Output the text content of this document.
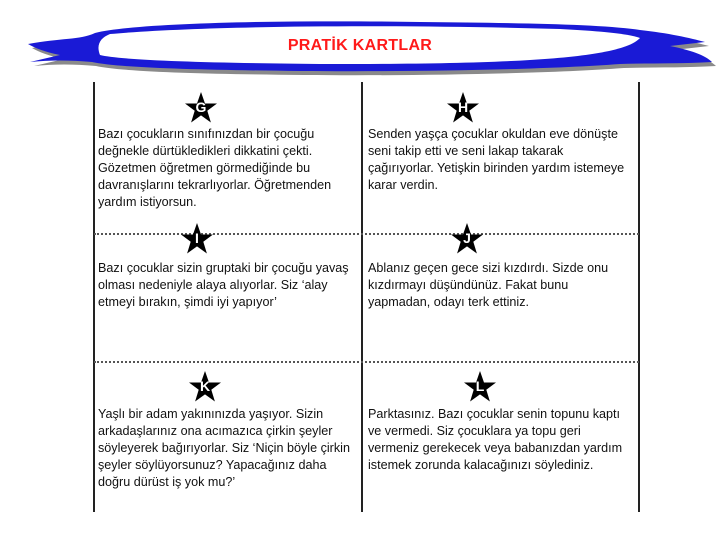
PRATİK KARTLAR
G
Bazı çocukların sınıfınızdan bir çocuğu değnekle dürtükledikleri dikkatini çekti. Gözetmen öğretmen görmediğinde bu davranışlarını tekrarlıyorlar. Öğretmenden yardım istiyorsun.
H
Senden yaşça çocuklar okuldan eve dönüşte seni takip etti ve seni lakap takarak çağırıyorlar. Yetişkin birinden yardım istemeye karar verdin.
I
Bazı çocuklar sizin gruptaki bir çocuğu yavaş olması nedeniyle alaya alıyorlar. Siz ‘alay etmeyi bırakın, şimdi iyi yapıyor’
J
Ablanız geçen gece sizi kızdırdı. Sizde onu kızdırmayı düşündünüz. Fakat bunu yapmadan, odayı terk ettiniz.
K
Yaşlı bir adam yakınınızda yaşıyor. Sizin arkadaşlarınız ona acımazıca çirkin şeyler söyleyerek bağırıyorlar. Siz ‘Niçin böyle çirkin şeyler söylüyorsunuz? Yapacağınız daha doğru dürüst iş yok mu?’
L
Parktasınız. Bazı çocuklar senin topunu kaptı ve vermedi. Siz çocuklara ya topu geri vermeniz gerekecek veya babanızdan yardım istemek zorunda kalacağınızı söylediniz.
